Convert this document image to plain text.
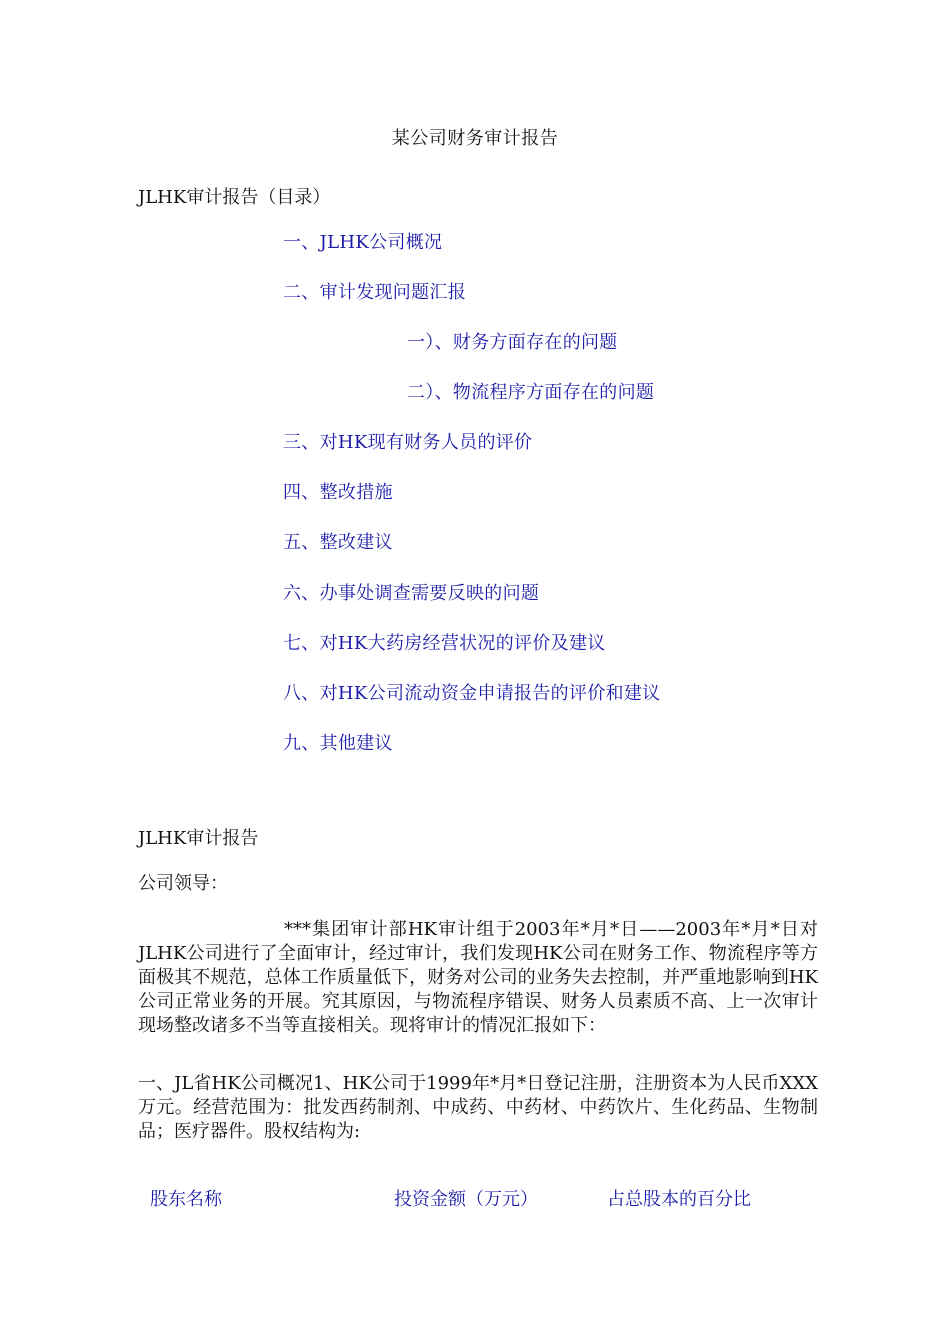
某公司财务审计报告
JLHK审计报告（目录）
一、JLHK公司概况
二、审计发现问题汇报
一）、财务方面存在的问题
二）、物流程序方面存在的问题
三、对HK现有财务人员的评价
四、整改措施
五、整改建议
六、办事处调查需要反映的问题
七、对HK大药房经营状况的评价及建议
八、对HK公司流动资金申请报告的评价和建议
九、其他建议
JLHK审计报告
公司领导：
***集团审计部HK审计组于2003年*月*日——2003年*月*日对JLHK公司进行了全面审计，经过审计，我们发现HK公司在财务工作、物流程序等方面极其不规范，总体工作质量低下，财务对公司的业务失去控制，并严重地影响到HK公司正常业务的开展。究其原因，与物流程序错误、财务人员素质不高、上一次审计现场整改诸多不当等直接相关。现将审计的情况汇报如下：
一、JL省HK公司概况1、HK公司于1999年*月*日登记注册，注册资本为人民币XXX万元。经营范围为：批发西药制剂、中成药、中药材、中药饮片、生化药品、生物制品；医疗器件。股权结构为:
股东名称	投资金额（万元）	占总股本的百分比
